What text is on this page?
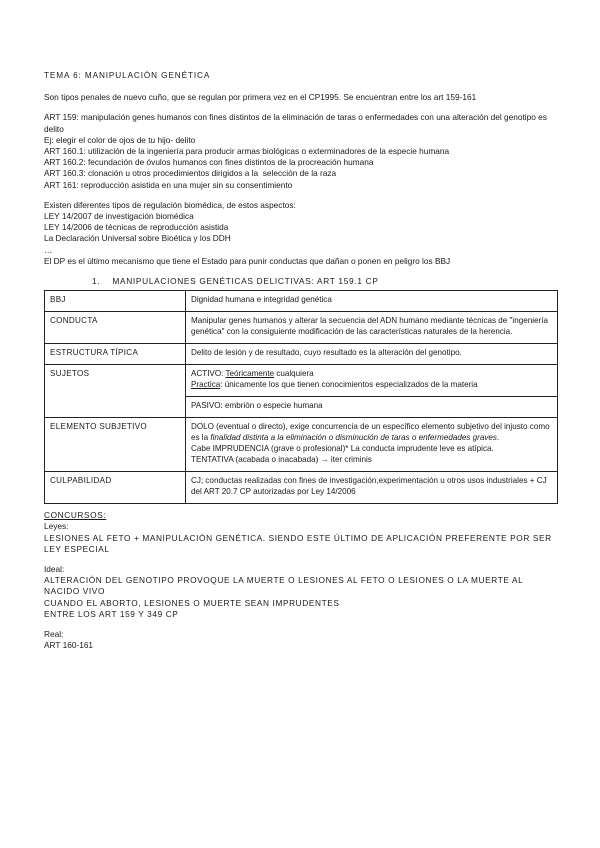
TEMA 6: MANIPULACIÓN GENÉTICA

Son tipos penales de nuevo cuño, que se regulan por primera vez en el CP1995. Se encuentran entre los art 159-161

ART 159: manipulación genes humanos con fines distintos de la eliminación de taras o enfermedades con una alteración del genotipo es delito

Ej: elegir el color de ojos de tu hijo- delito

ART 160.1: utilización de la ingeniería para producir armas biológicas o exterminadores de la especie humana

ART 160.2: fecundación de óvulos humanos con fines distintos de la procreación humana

ART 160.3: clonación u otros procedimientos dirigidos a la  selección de la raza

ART 161: reproducción asistida en una mujer sin su consentimiento

Existen diferentes tipos de regulación biomédica, de estos aspectos:

LEY 14/2007 de investigación biomédica

LEY 14/2006 de técnicas de reproducción asistida

La Declaración Universal sobre Bioética y los DDH

…

El DP es el último mecanismo que tiene el Estado para punir conductas que dañan o ponen en peligro los BBJ

1. MANIPULACIONES GENÉTICAS DELICTIVAS: ART 159.1 CP

BBJ	Dignidad humana e integridad genética
CONDUCTA	Manipular genes humanos y alterar la secuencia del ADN humano mediante técnicas de "ingeniería genética" con la consiguiente modificación de las características naturales de la herencia.
ESTRUCTURA TÍPICA	Delito de lesión y de resultado, cuyo resultado es la alteración del genotipo.
SUJETOS	ACTIVO: Teóricamente cualquiera
Practica: únicamente los que tienen conocimientos especializados de la materia

	PASIVO: embrión o especie humana
ELEMENTO SUBJETIVO	DOLO (eventual o directo), exige concurrencia de un específico elemento subjetivo del injusto como es la finalidad distinta a la eliminación o disminución de taras o enfermedades graves.
Cabe IMPRUDENCIA (grave o profesional)* La conducta imprudente leve es atípica.
TENTATIVA (acabada o inacabada) → iter criminis

CULPABILIDAD	CJ; conductas realizadas con fines de investigación,experimentación u otros usos industriales + CJ del ART 20.7 CP autorizadas por Ley 14/2006

CONCURSOS:

Leyes:

LESIONES AL FETO + MANIPULACIÓN GENÉTICA. SIENDO ESTE ÚLTIMO DE APLICACIÓN PREFERENTE POR SER LEY ESPECIAL

Ideal:

ALTERACIÓN DEL GENOTIPO PROVOQUE LA MUERTE O LESIONES AL FETO O LESIONES O LA MUERTE AL NACIDO VIVO

CUANDO EL ABORTO, LESIONES O MUERTE SEAN IMPRUDENTES

ENTRE LOS ART 159 Y 349 CP

Real:

ART 160-161
